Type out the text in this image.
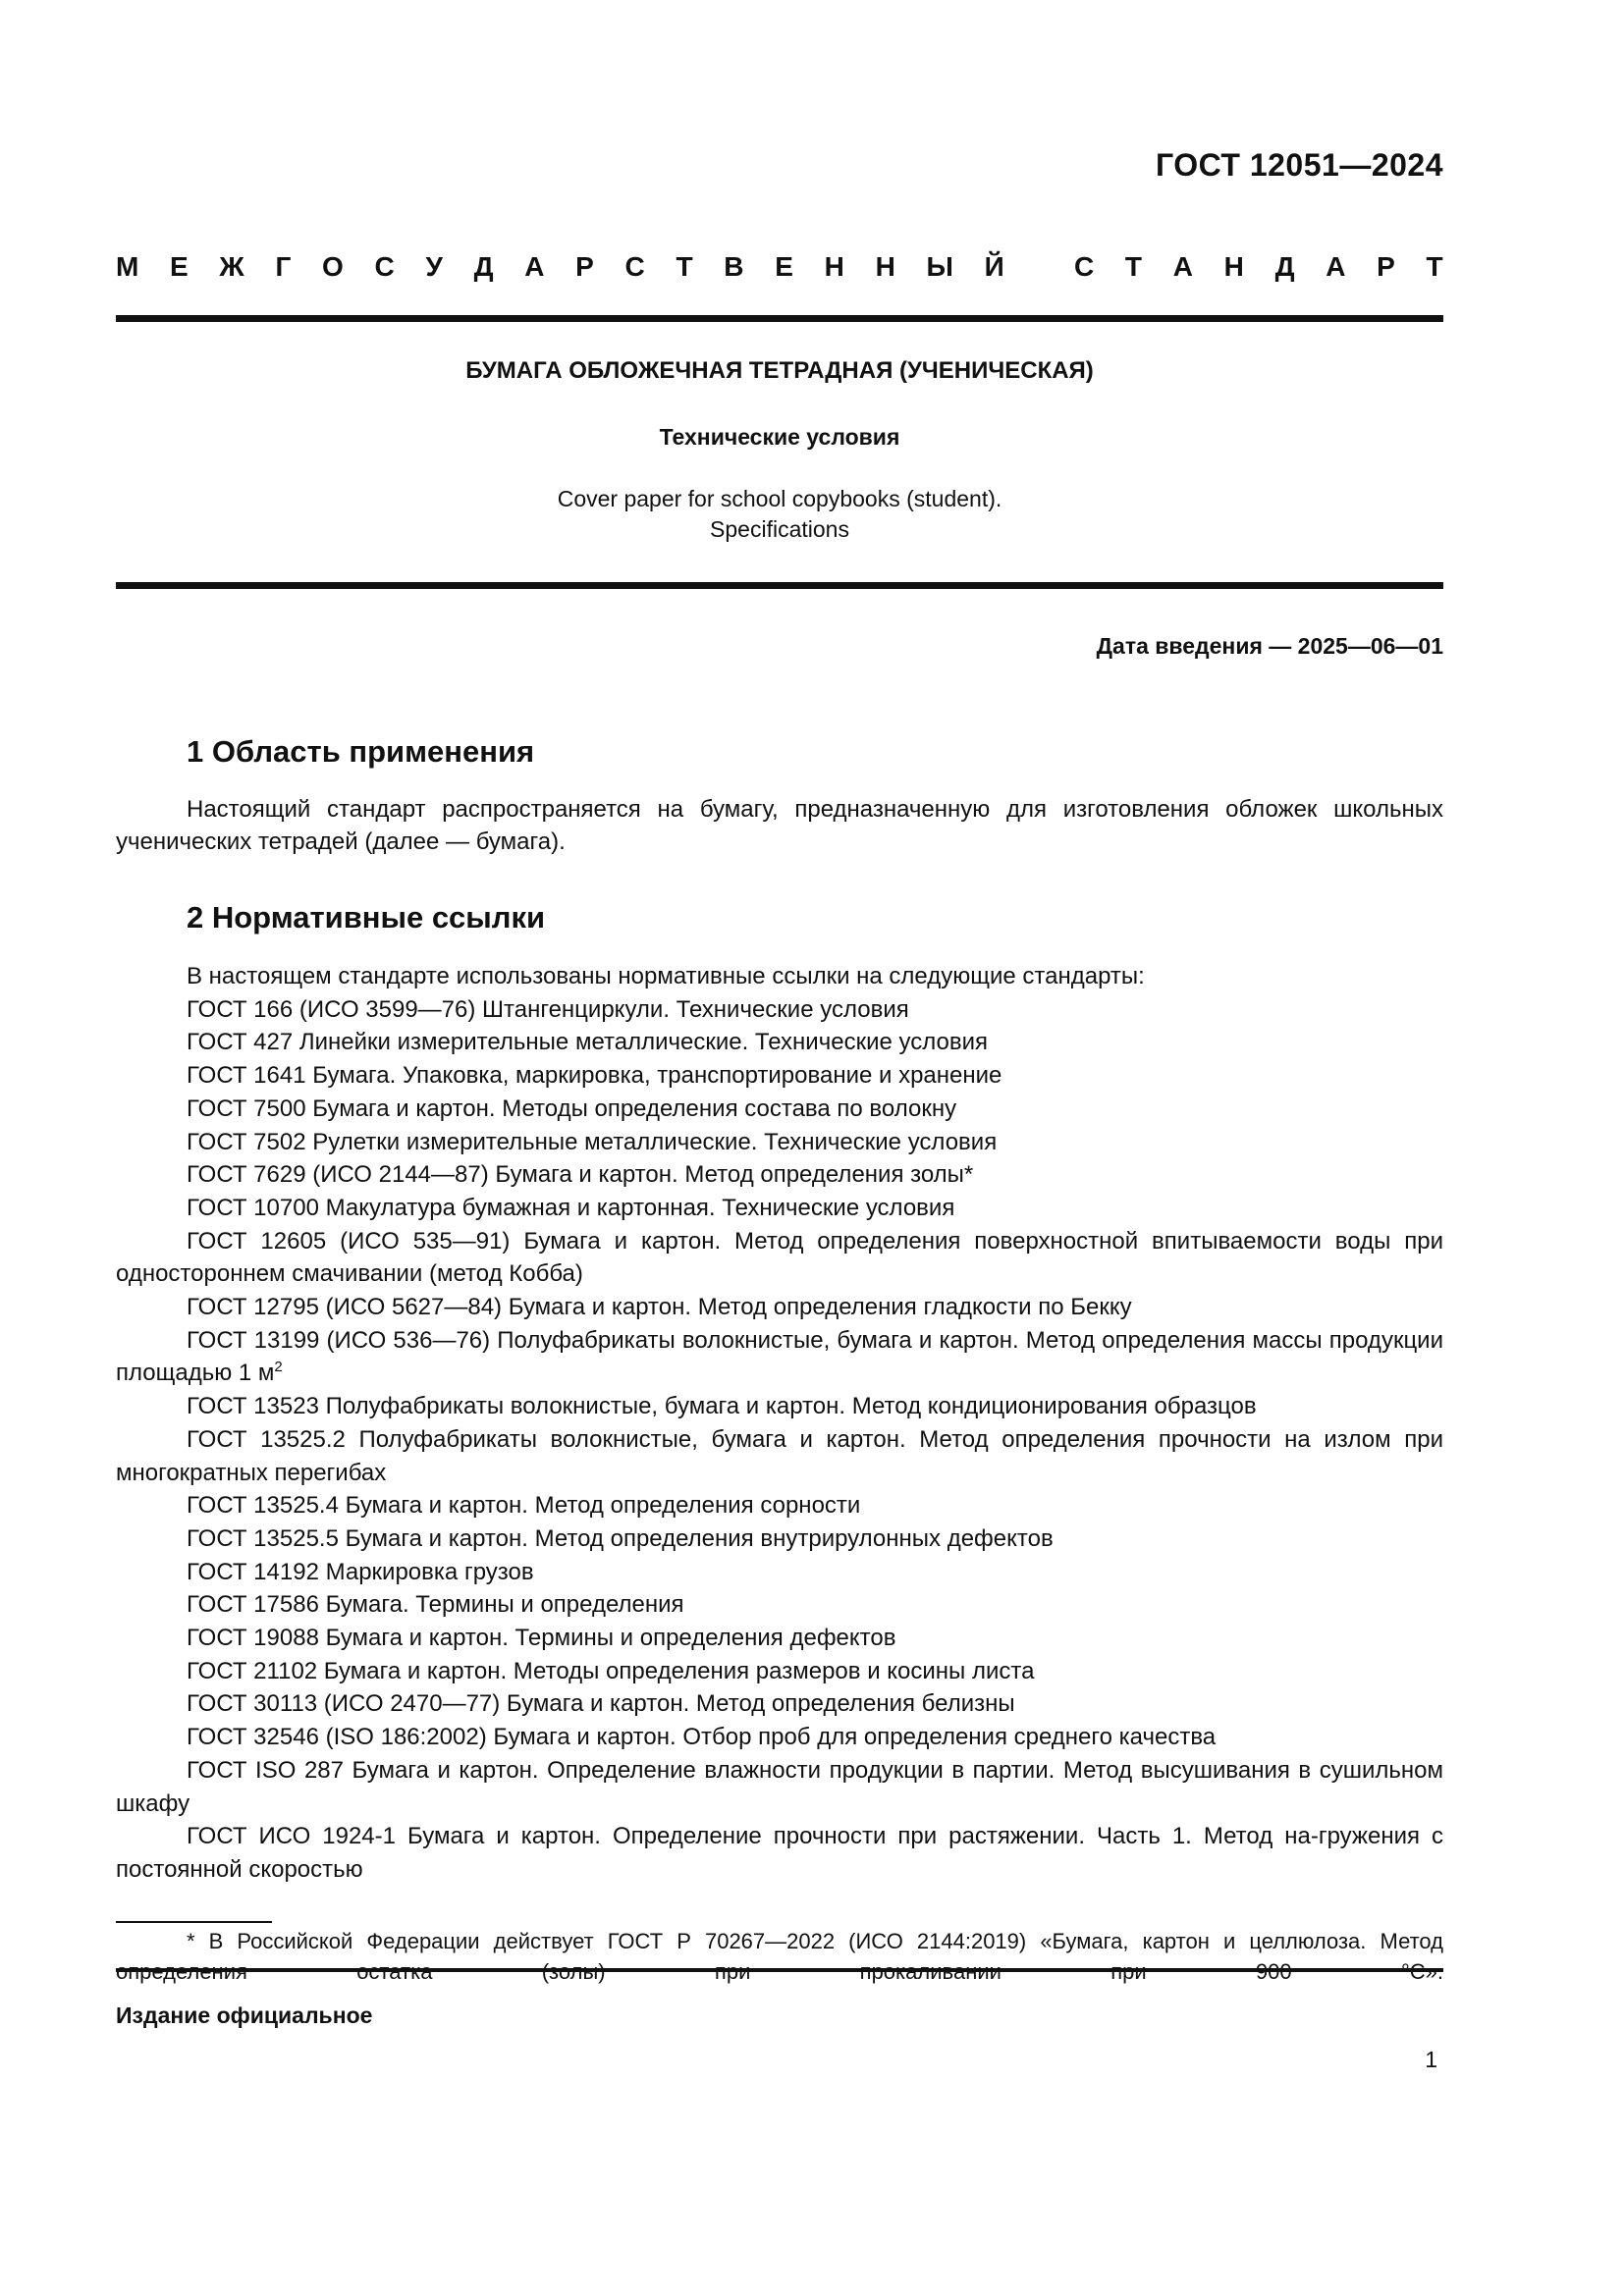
ГОСТ 12051—2024
М Е Ж Г О С У Д А Р С Т В Е Н Н Ы Й
	С Т А Н Д А Р Т
БУМАГА ОБЛОЖЕЧНАЯ ТЕТРАДНАЯ (УЧЕНИЧЕСКАЯ)
Технические условия
Cover paper for school copybooks (student).
Specifications
Дата введения — 2025—06—01
1 Область применения
Настоящий стандарт распространяется на бумагу, предназначенную для изготовления обложек школьных ученических тетрадей (далее — бумага).
2 Нормативные ссылки
В настоящем стандарте использованы нормативные ссылки на следующие стандарты:
ГОСТ 166 (ИСО 3599—76) Штангенциркули. Технические условия
ГОСТ 427 Линейки измерительные металлические. Технические условия
ГОСТ 1641 Бумага. Упаковка, маркировка, транспортирование и хранение
ГОСТ 7500 Бумага и картон. Методы определения состава по волокну
ГОСТ 7502 Рулетки измерительные металлические. Технические условия
ГОСТ 7629 (ИСО 2144—87) Бумага и картон. Метод определения золы*
ГОСТ 10700 Макулатура бумажная и картонная. Технические условия
ГОСТ 12605 (ИСО 535—91) Бумага и картон. Метод определения поверхностной впитываемости воды при одностороннем смачивании (метод Кобба)
ГОСТ 12795 (ИСО 5627—84) Бумага и картон. Метод определения гладкости по Бекку
ГОСТ 13199 (ИСО 536—76) Полуфабрикаты волокнистые, бумага и картон. Метод определения массы продукции площадью 1 $м^2$
ГОСТ 13523 Полуфабрикаты волокнистые, бумага и картон. Метод кондиционирования образцов
ГОСТ 13525.2 Полуфабрикаты волокнистые, бумага и картон. Метод определения прочности на излом при многократных перегибах
ГОСТ 13525.4 Бумага и картон. Метод определения сорности
ГОСТ 13525.5 Бумага и картон. Метод определения внутрирулонных дефектов
ГОСТ 14192 Маркировка грузов
ГОСТ 17586 Бумага. Термины и определения
ГОСТ 19088 Бумага и картон. Термины и определения дефектов
ГОСТ 21102 Бумага и картон. Методы определения размеров и косины листа
ГОСТ 30113 (ИСО 2470—77) Бумага и картон. Метод определения белизны
ГОСТ 32546 (ISO 186:2002) Бумага и картон. Отбор проб для определения среднего качества
ГОСТ ISO 287 Бумага и картон. Определение влажности продукции в партии. Метод высушивания в сушильном шкафу
ГОСТ ИСО 1924-1 Бумага и картон. Определение прочности при растяжении. Часть 1. Метод на-гружения с постоянной скоростью
* В Российской Федерации действует ГОСТ Р 70267—2022 (ИСО 2144:2019) «Бумага, картон и целлюлоза. Метод
Издание официальное
1
